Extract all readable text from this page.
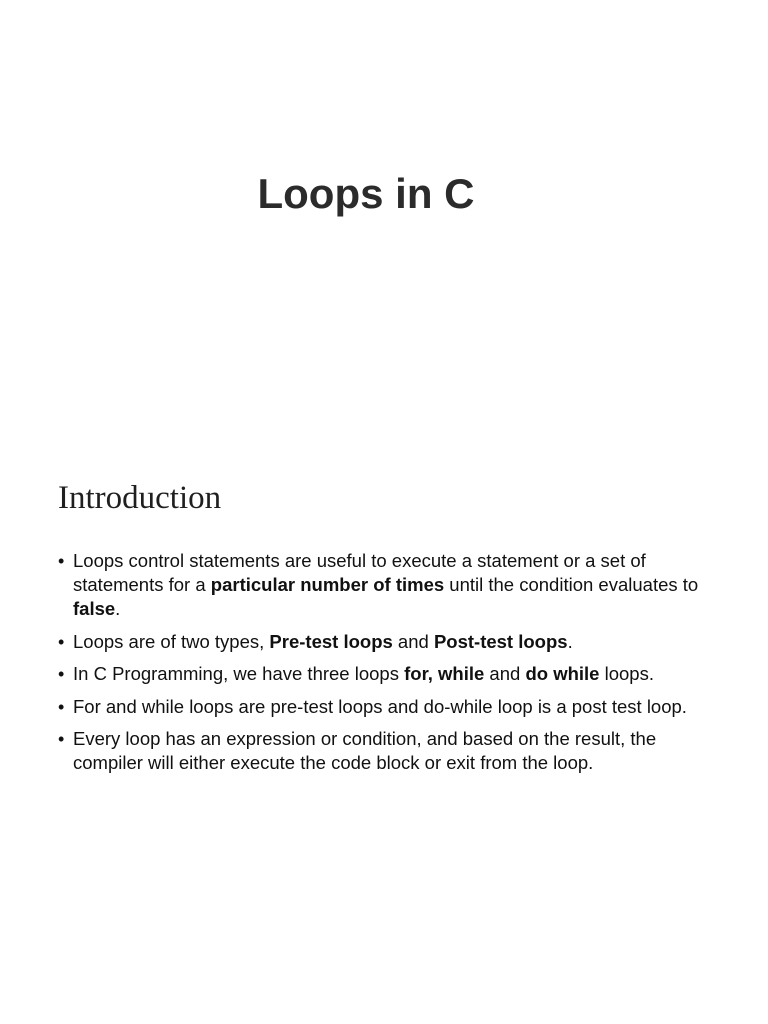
Loops in C
Introduction
• Loops control statements are useful to execute a statement or a set of statements for a particular number of times until the condition evaluates to false.
• Loops are of two types, Pre-test loops and Post-test loops.
• In C Programming, we have three loops for, while and do while loops.
• For and while loops are pre-test loops and do-while loop is a post test loop.
• Every loop has an expression or condition, and based on the result, the compiler will either execute the code block or exit from the loop.
